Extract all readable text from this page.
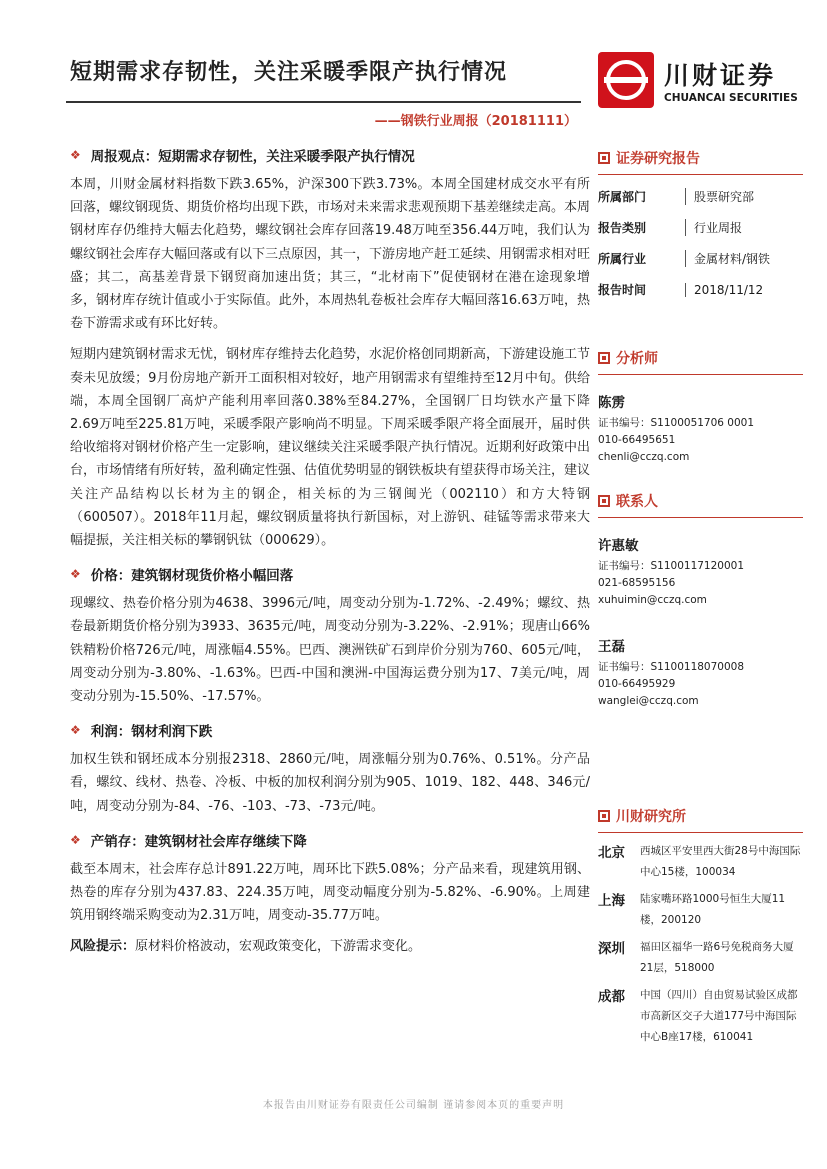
短期需求存韧性，关注采暖季限产执行情况
——钢铁行业周报（20181111）
川财证券
CHUANCAI SECURITIES
❖ 周报观点：短期需求存韧性，关注采暖季限产执行情况

本周，川财金属材料指数下跌3.65%，沪深300下跌3.73%。本周全国建材成交水平有所回落，螺纹钢现货、期货价格均出现下跌，市场对未来需求悲观预期下基差继续走高。本周钢材库存仍维持大幅去化趋势，螺纹钢社会库存回落19.48万吨至356.44万吨，我们认为螺纹钢社会库存大幅回落或有以下三点原因，其一，下游房地产赶工延续、用钢需求相对旺盛；其二，高基差背景下钢贸商加速出货；其三，“北材南下”促使钢材在港在途现象增多，钢材库存统计值或小于实际值。此外，本周热轧卷板社会库存大幅回落16.63万吨，热卷下游需求或有环比好转。

短期内建筑钢材需求无忧，钢材库存维持去化趋势，水泥价格创同期新高，下游建设施工节奏未见放缓；9月份房地产新开工面积相对较好，地产用钢需求有望维持至12月中旬。供给端，本周全国钢厂高炉产能利用率回落0.38%至84.27%，全国钢厂日均铁水产量下降2.69万吨至225.81万吨，采暖季限产影响尚不明显。下周采暖季限产将全面展开，届时供给收缩将对钢材价格产生一定影响，建议继续关注采暖季限产执行情况。近期利好政策中出台，市场情绪有所好转，盈利确定性强、估值优势明显的钢铁板块有望获得市场关注，建议关注产品结构以长材为主的钢企，相关标的为三钢闽光（002110）和方大特钢（600507）。2018年11月起，螺纹钢质量将执行新国标，对上游钒、硅锰等需求带来大幅提振，关注相关标的攀钢钒钛（000629）。

❖ 价格：建筑钢材现货价格小幅回落

现螺纹、热卷价格分别为4638、3996元/吨，周变动分别为-1.72%、-2.49%；螺纹、热卷最新期货价格分别为3933、3635元/吨，周变动分别为-3.22%、-2.91%；现唐山66%铁精粉价格726元/吨，周涨幅4.55%。巴西、澳洲铁矿石到岸价分别为760、605元/吨，周变动分别为-3.80%、-1.63%。巴西-中国和澳洲-中国海运费分别为17、7美元/吨，周变动分别为-15.50%、-17.57%。

❖ 利润：钢材利润下跌

加权生铁和钢坯成本分别报2318、2860元/吨，周涨幅分别为0.76%、0.51%。分产品看，螺纹、线材、热卷、冷板、中板的加权利润分别为905、1019、182、448、346元/吨，周变动分别为-84、-76、-103、-73、-73元/吨。

❖ 产销存：建筑钢材社会库存继续下降

截至本周末，社会库存总计891.22万吨，周环比下跌5.08%；分产品来看，现建筑用钢、热卷的库存分别为437.83、224.35万吨，周变动幅度分别为-5.82%、-6.90%。上周建筑用钢终端采购变动为2.31万吨，周变动-35.77万吨。

风险提示：原材料价格波动，宏观政策变化，下游需求变化。

证券研究报告
所属部门	股票研究部
报告类别	行业周报
所属行业	金属材料/钢铁
报告时间	2018/11/12
分析师
陈雳
证书编号：S1100051706 0001
010-66495651
chenli@cczq.com
联系人
许惠敏
证书编号：S1100117120001
021-68595156
xuhuimin@cczq.com
王磊
证书编号：S1100118070008
010-66495929
wanglei@cczq.com
川财研究所
北京	西城区平安里西大街28号中海国际中心15楼，100034
上海	陆家嘴环路1000号恒生大厦11楼，200120
深圳	福田区福华一路6号免税商务大厦21层，518000
成都	中国（四川）自由贸易试验区成都市高新区交子大道177号中海国际中心B座17楼，610041
本报告由川财证券有限责任公司编制 谨请参阅本页的重要声明
